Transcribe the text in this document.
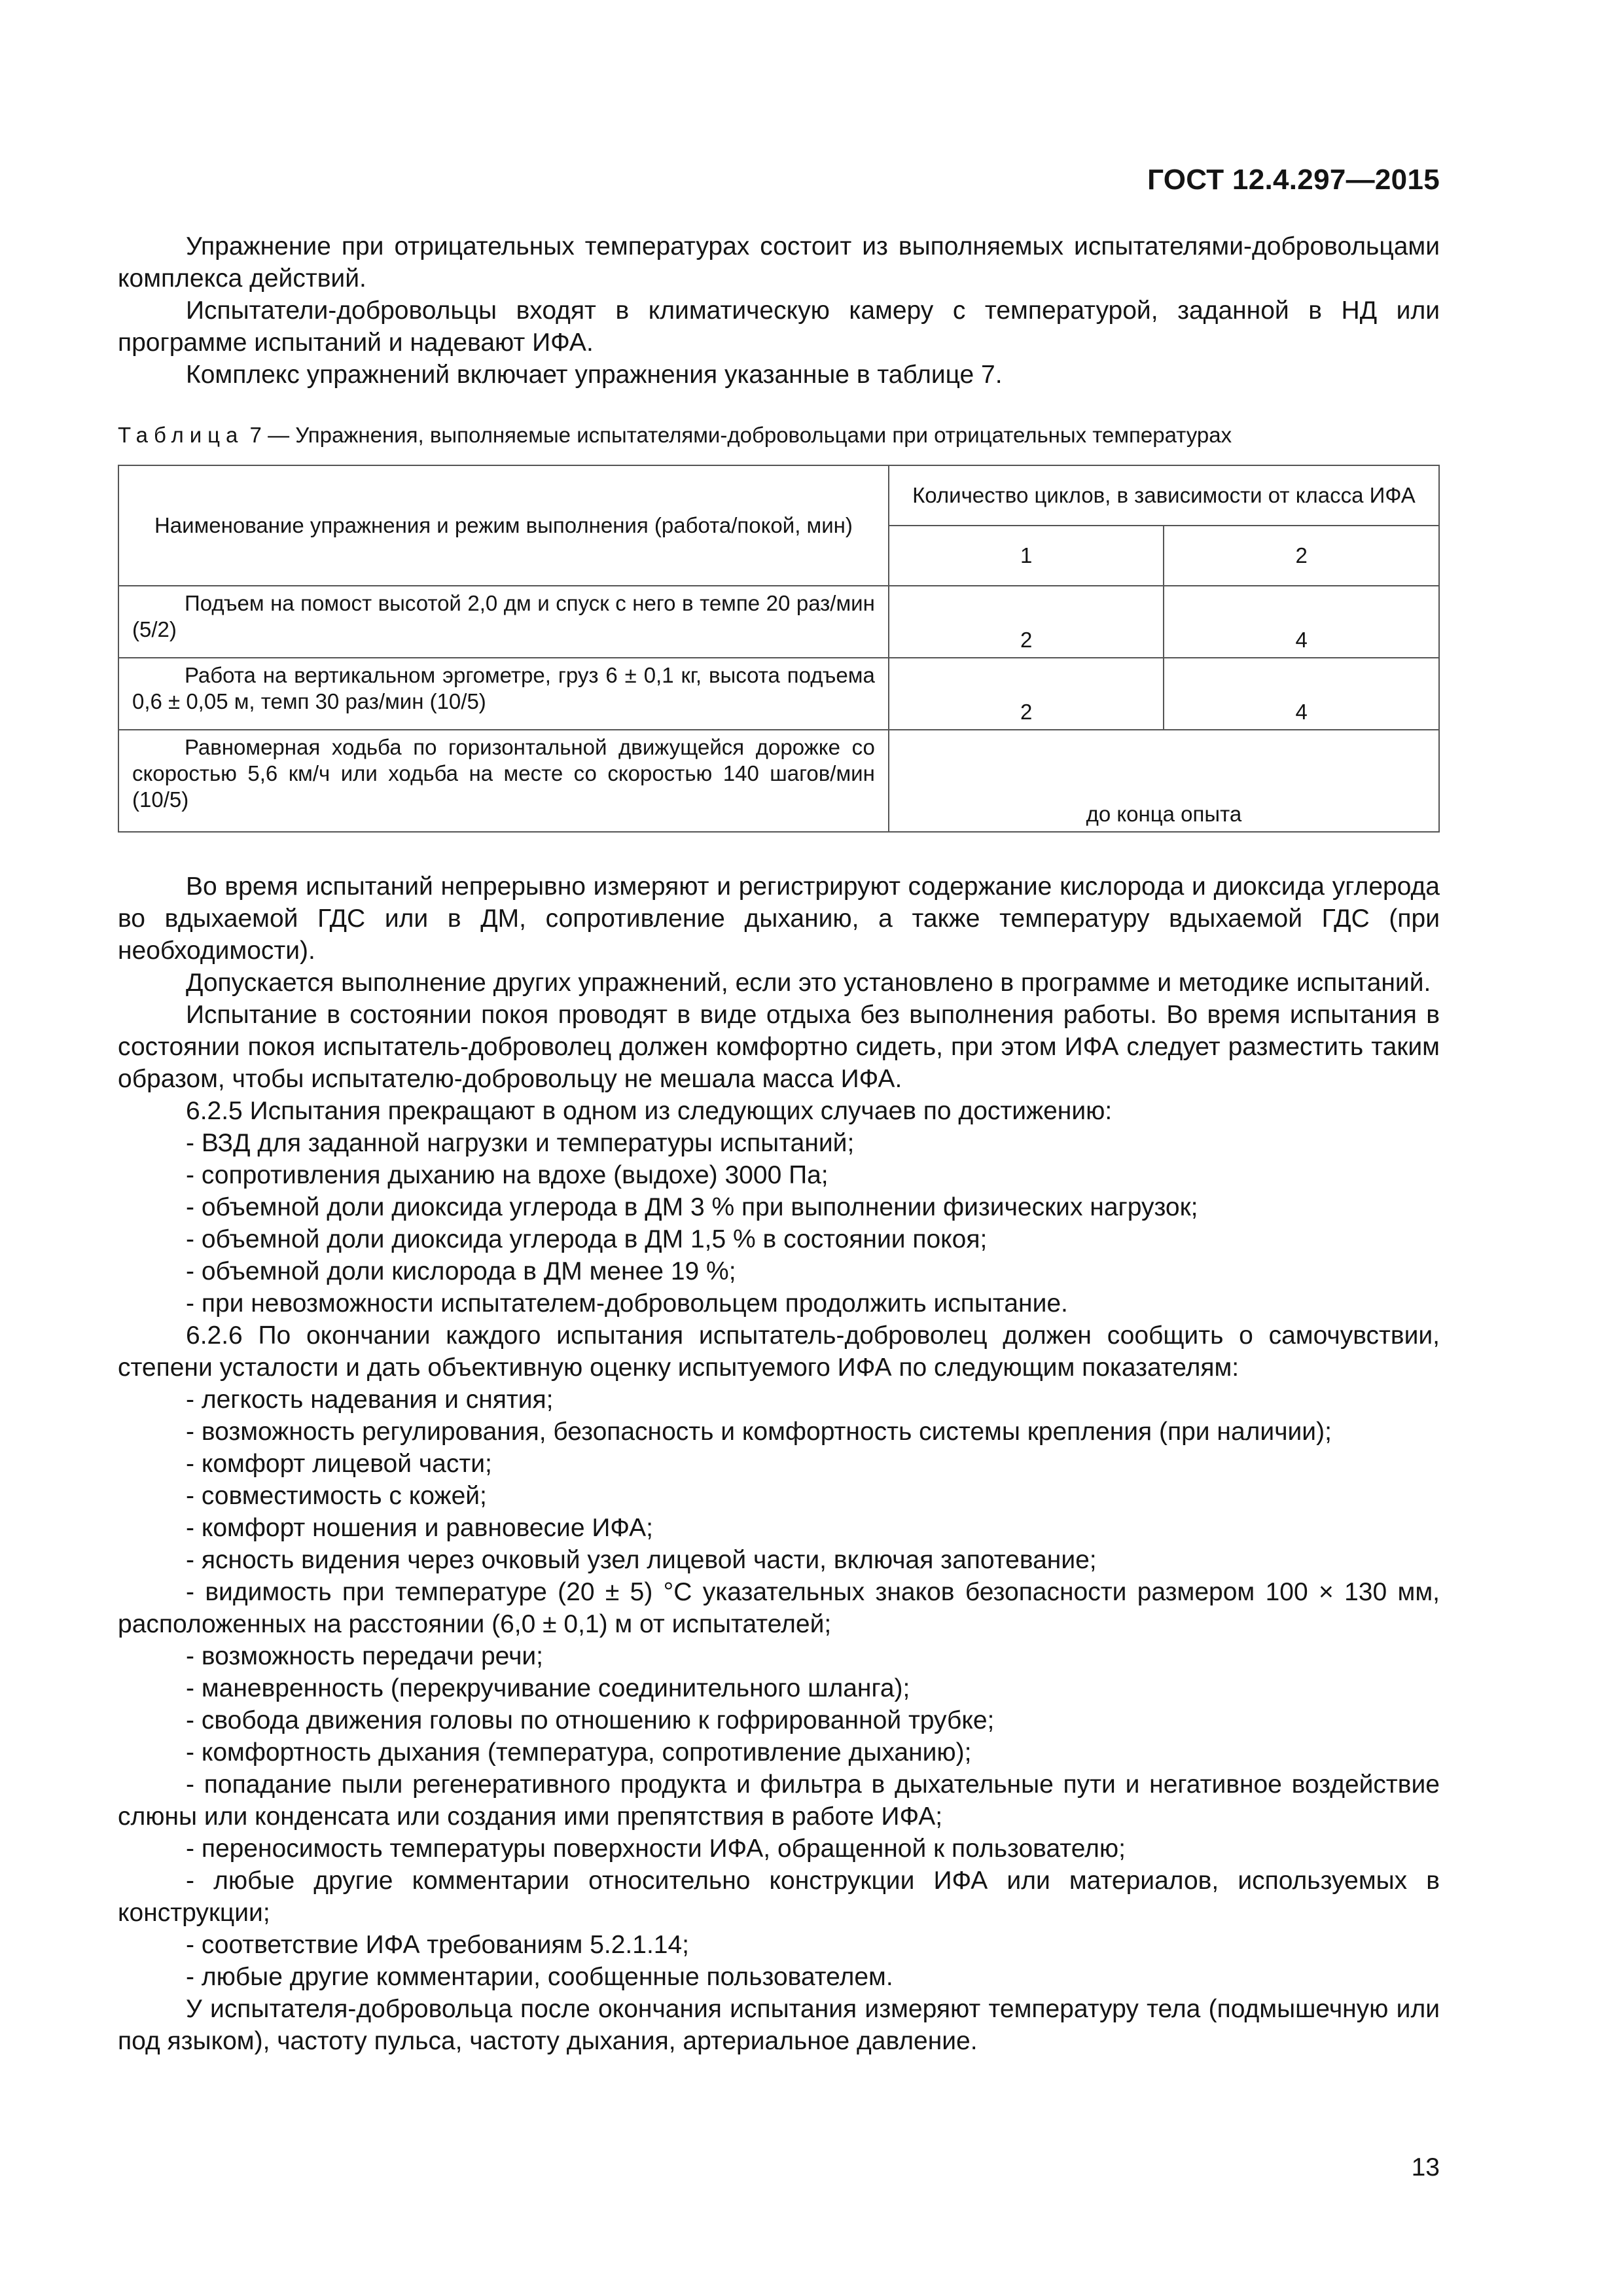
ГОСТ 12.4.297—2015

Упражнение при отрицательных температурах состоит из выполняемых испытателями-добровольцами комплекса действий.

Испытатели-добровольцы входят в климатическую камеру с температурой, заданной в НД или программе испытаний и надевают ИФА.

Комплекс упражнений включает упражнения указанные в таблице 7.

Таблица 7 — Упражнения, выполняемые испытателями-добровольцами при отрицательных температурах
Наименование упражнения и режим выполнения (работа/покой, мин)	Количество циклов, в зависимости от класса ИФА	
	1	2

Подъем на помост высотой 2,0 дм и спуск с него в темпе 20 раз/мин (5/2)	2	4

Работа на вертикальном эргометре, груз 6 ± 0,1 кг, высота подъема 0,6 ± 0,05 м, темп 30 раз/мин (10/5)	2	4

Равномерная ходьба по горизонтальной движущейся дорожке со скоростью 5,6 км/ч или ходьба на месте со скоростью 140 шагов/мин (10/5)	до конца опыта	

Во время испытаний непрерывно измеряют и регистрируют содержание кислорода и диоксида углерода во вдыхаемой ГДС или в ДМ, сопротивление дыханию, а также температуру вдыхаемой ГДС (при необходимости).

Допускается выполнение других упражнений, если это установлено в программе и методике испытаний.

Испытание в состоянии покоя проводят в виде отдыха без выполнения работы. Во время испытания в состоянии покоя испытатель-доброволец должен комфортно сидеть, при этом ИФА следует разместить таким образом, чтобы испытателю-добровольцу не мешала масса ИФА.

6.2.5 Испытания прекращают в одном из следующих случаев по достижению:

- ВЗД для заданной нагрузки и температуры испытаний;

- сопротивления дыханию на вдохе (выдохе) 3000 Па;

- объемной доли диоксида углерода в ДМ 3 % при выполнении физических нагрузок;

- объемной доли диоксида углерода в ДМ 1,5 % в состоянии покоя;

- объемной доли кислорода в ДМ менее 19 %;

- при невозможности испытателем-добровольцем продолжить испытание.

6.2.6 По окончании каждого испытания испытатель-доброволец должен сообщить о самочувствии, степени усталости и дать объективную оценку испытуемого ИФА по следующим показателям:

- легкость надевания и снятия;

- возможность регулирования, безопасность и комфортность системы крепления (при наличии);

- комфорт лицевой части;

- совместимость с кожей;

- комфорт ношения и равновесие ИФА;

- ясность видения через очковый узел лицевой части, включая запотевание;

- видимость при температуре (20 ± 5) °С указательных знаков безопасности размером 100 × 130 мм, расположенных на расстоянии (6,0 ± 0,1) м от испытателей;

- возможность передачи речи;

- маневренность (перекручивание соединительного шланга);

- свобода движения головы по отношению к гофрированной трубке;

- комфортность дыхания (температура, сопротивление дыханию);

- попадание пыли регенеративного продукта и фильтра в дыхательные пути и негативное воздействие слюны или конденсата или создания ими препятствия в работе ИФА;

- переносимость температуры поверхности ИФА, обращенной к пользователю;

- любые другие комментарии относительно конструкции ИФА или материалов, используемых в конструкции;

- соответствие ИФА требованиям 5.2.1.14;

- любые другие комментарии, сообщенные пользователем.

У испытателя-добровольца после окончания испытания измеряют температуру тела (подмышечную или под языком), частоту пульса, частоту дыхания, артериальное давление.

13
